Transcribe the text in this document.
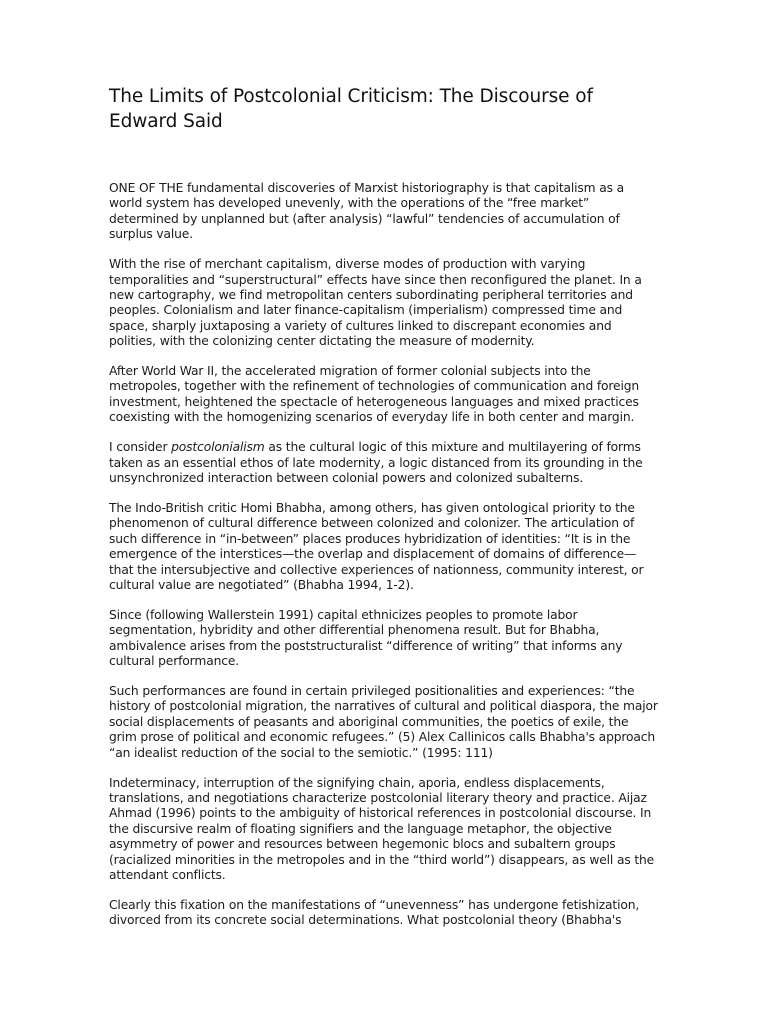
The Limits of Postcolonial Criticism: The Discourse of Edward Said

ONE OF THE fundamental discoveries of Marxist historiography is that capitalism as a world system has developed unevenly, with the operations of the “free market” determined by unplanned but (after analysis) “lawful” tendencies of accumulation of surplus value.

With the rise of merchant capitalism, diverse modes of production with varying temporalities and “superstructural” effects have since then reconfigured the planet. In a new cartography, we find metropolitan centers subordinating peripheral territories and peoples. Colonialism and later finance-capitalism (imperialism) compressed time and space, sharply juxtaposing a variety of cultures linked to discrepant economies and polities, with the colonizing center dictating the measure of modernity.

After World War II, the accelerated migration of former colonial subjects into the metropoles, together with the refinement of technologies of communication and foreign investment, heightened the spectacle of heterogeneous languages and mixed practices coexisting with the homogenizing scenarios of everyday life in both center and margin.

I consider postcolonialism as the cultural logic of this mixture and multilayering of forms taken as an essential ethos of late modernity, a logic distanced from its grounding in the unsynchronized interaction between colonial powers and colonized subalterns.

The Indo-British critic Homi Bhabha, among others, has given ontological priority to the phenomenon of cultural difference between colonized and colonizer. The articulation of such difference in “in-between” places produces hybridization of identities: “It is in the emergence of the interstices—the overlap and displacement of domains of difference—that the intersubjective and collective experiences of nationness, community interest, or cultural value are negotiated” (Bhabha 1994, 1-2).

Since (following Wallerstein 1991) capital ethnicizes peoples to promote labor segmentation, hybridity and other differential phenomena result. But for Bhabha, ambivalence arises from the poststructuralist “difference of writing” that informs any cultural performance.

Such performances are found in certain privileged positionalities and experiences: “the history of postcolonial migration, the narratives of cultural and political diaspora, the major social displacements of peasants and aboriginal communities, the poetics of exile, the grim prose of political and economic refugees.” (5) Alex Callinicos calls Bhabha's approach “an idealist reduction of the social to the semiotic.” (1995: 111)

Indeterminacy, interruption of the signifying chain, aporia, endless displacements, translations, and negotiations characterize postcolonial literary theory and practice. Aijaz Ahmad (1996) points to the ambiguity of historical references in postcolonial discourse. In the discursive realm of floating signifiers and the language metaphor, the objective asymmetry of power and resources between hegemonic blocs and subaltern groups (racialized minorities in the metropoles and in the “third world”) disappears, as well as the attendant conflicts.

Clearly this fixation on the manifestations of “unevenness” has undergone fetishization, divorced from its concrete social determinations. What postcolonial theory (Bhabha's
